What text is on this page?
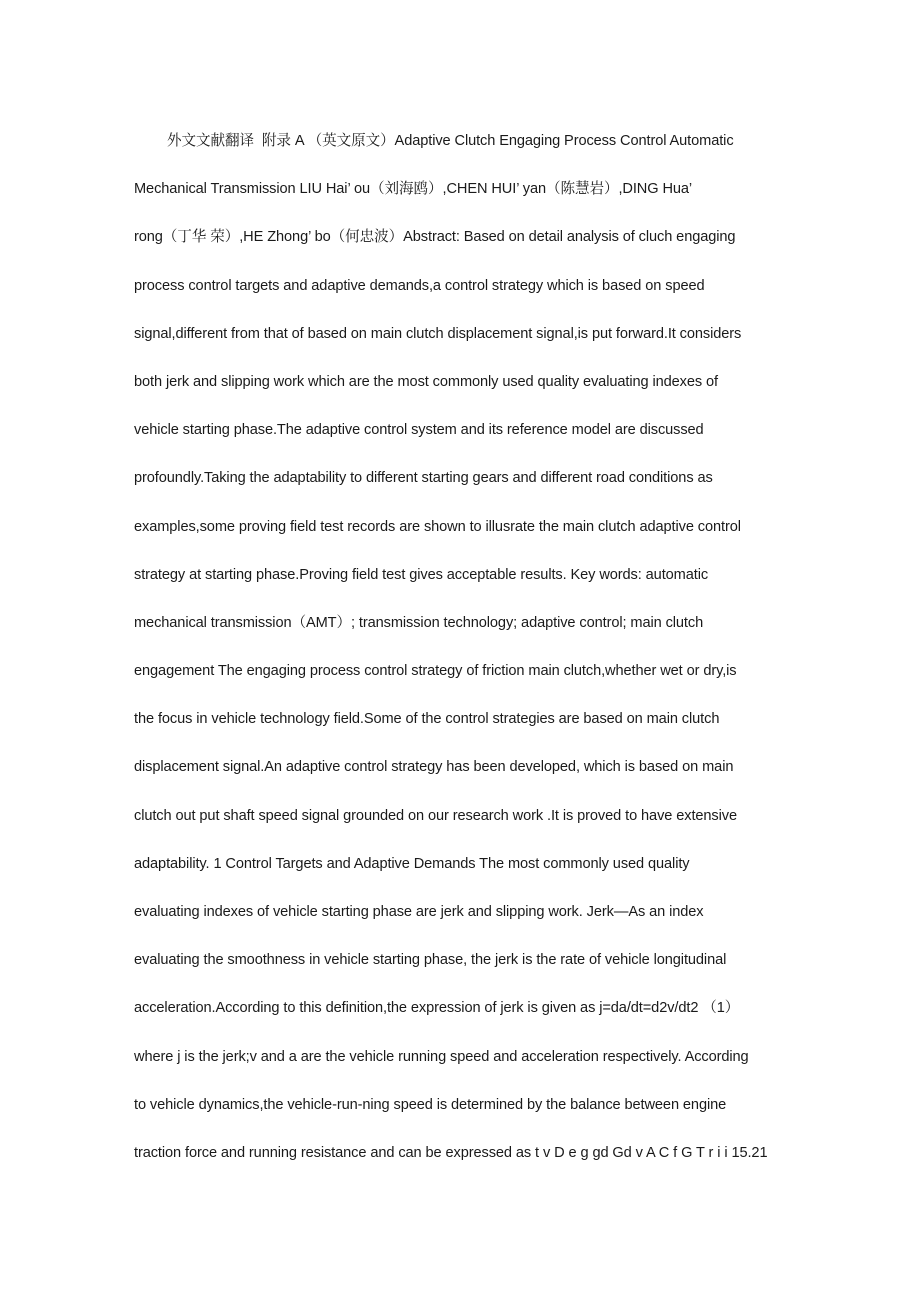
外文文献翻译  附录 A （英文原文）Adaptive Clutch Engaging Process Control Automatic
Mechanical Transmission LIU Hai’ ou（刘海鸥）,CHEN HUI’ yan（陈慧岩）,DING Hua’
rong（丁华 荣）,HE Zhong’ bo（何忠波）Abstract: Based on detail analysis of cluch engaging
process control targets and adaptive demands,a control strategy which is based on speed
signal,different from that of based on main clutch displacement signal,is put forward.It considers
both jerk and slipping work which are the most commonly used quality evaluating indexes of
vehicle starting phase.The adaptive control system and its reference model are discussed
profoundly.Taking the adaptability to different starting gears and different road conditions as
examples,some proving field test records are shown to illusrate the main clutch adaptive control
strategy at starting phase.Proving field test gives acceptable results. Key words: automatic
mechanical transmission（AMT）; transmission technology; adaptive control; main clutch
engagement The engaging process control strategy of friction main clutch,whether wet or dry,is
the focus in vehicle technology field.Some of the control strategies are based on main clutch
displacement signal.An adaptive control strategy has been developed, which is based on main
clutch out put shaft speed signal grounded on our research work .It is proved to have extensive
adaptability. 1 Control Targets and Adaptive Demands The most commonly used quality
evaluating indexes of vehicle starting phase are jerk and slipping work. Jerk—As an index
evaluating the smoothness in vehicle starting phase, the jerk is the rate of vehicle longitudinal
acceleration.According to this definition,the expression of jerk is given as j=da/dt=d2v/dt2 （1）
where j is the jerk;v and a are the vehicle running speed and acceleration respectively. According
to vehicle dynamics,the vehicle-run-ning speed is determined by the balance between engine
traction force and running resistance and can be expressed as t v D e g gd Gd v A C f G T r i i 15.21
